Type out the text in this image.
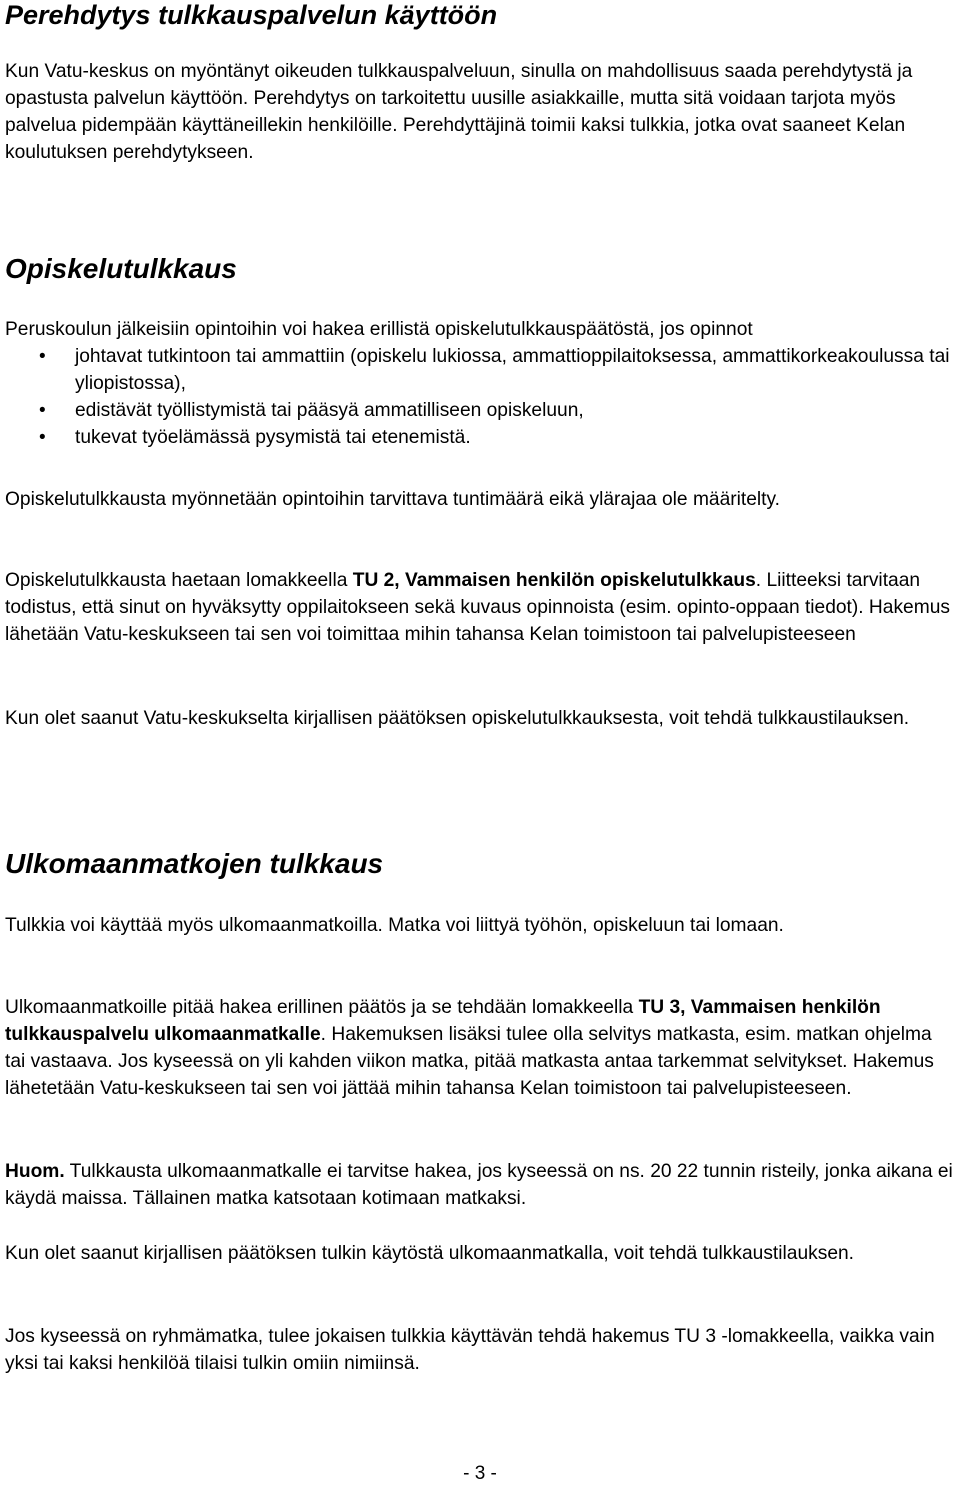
Perehdytys tulkkauspalvelun käyttöön

Kun Vatu-keskus on myöntänyt oikeuden tulkkauspalveluun, sinulla on mahdollisuus saada perehdytystä ja opastusta palvelun käyttöön. Perehdytys on tarkoitettu uusille asiakkaille, mutta sitä voidaan tarjota myös palvelua pidempään käyttäneillekin henkilöille. Perehdyttäjinä toimii kaksi tulkkia, jotka ovat saaneet Kelan koulutuksen perehdytykseen.

Opiskelutulkkaus

Peruskoulun jälkeisiin opintoihin voi hakea erillistä opiskelutulkkauspäätöstä, jos opinnot

• johtavat tutkintoon tai ammattiin (opiskelu lukiossa, ammattioppilaitoksessa, ammattikorkeakoulussa tai yliopistossa),
• edistävät työllistymistä tai pääsyä ammatilliseen opiskeluun,
• tukevat työelämässä pysymistä tai etenemistä.

Opiskelutulkkausta myönnetään opintoihin tarvittava tuntimäärä eikä ylärajaa ole määritelty.

Opiskelutulkkausta haetaan lomakkeella TU 2, Vammaisen henkilön opiskelutulkkaus. Liitteeksi tarvitaan todistus, että sinut on hyväksytty oppilaitokseen sekä kuvaus opinnoista (esim. opinto-oppaan tiedot). Hakemus lähetään Vatu-keskukseen tai sen voi toimittaa mihin tahansa Kelan toimistoon tai palvelupisteeseen

Kun olet saanut Vatu-keskukselta kirjallisen päätöksen opiskelutulkkauksesta, voit tehdä tulkkaustilauksen.

Ulkomaanmatkojen tulkkaus

Tulkkia voi käyttää myös ulkomaanmatkoilla. Matka voi liittyä työhön, opiskeluun tai lomaan.

Ulkomaanmatkoille pitää hakea erillinen päätös ja se tehdään lomakkeella TU 3, Vammaisen henkilön tulkkauspalvelu ulkomaanmatkalle. Hakemuksen lisäksi tulee olla selvitys matkasta, esim. matkan ohjelma tai vastaava. Jos kyseessä on yli kahden viikon matka, pitää matkasta antaa tarkemmat selvitykset. Hakemus lähetetään Vatu-keskukseen tai sen voi jättää mihin tahansa Kelan toimistoon tai palvelupisteeseen.

Huom. Tulkkausta ulkomaanmatkalle ei tarvitse hakea, jos kyseessä on ns. 20 22 tunnin risteily, jonka aikana ei käydä maissa. Tällainen matka katsotaan kotimaan matkaksi.

Kun olet saanut kirjallisen päätöksen tulkin käytöstä ulkomaanmatkalla, voit tehdä tulkkaustilauksen.

Jos kyseessä on ryhmämatka, tulee jokaisen tulkkia käyttävän tehdä hakemus TU 3 -lomakkeella, vaikka vain yksi tai kaksi henkilöä tilaisi tulkin omiin nimiinsä.

- 3 -
